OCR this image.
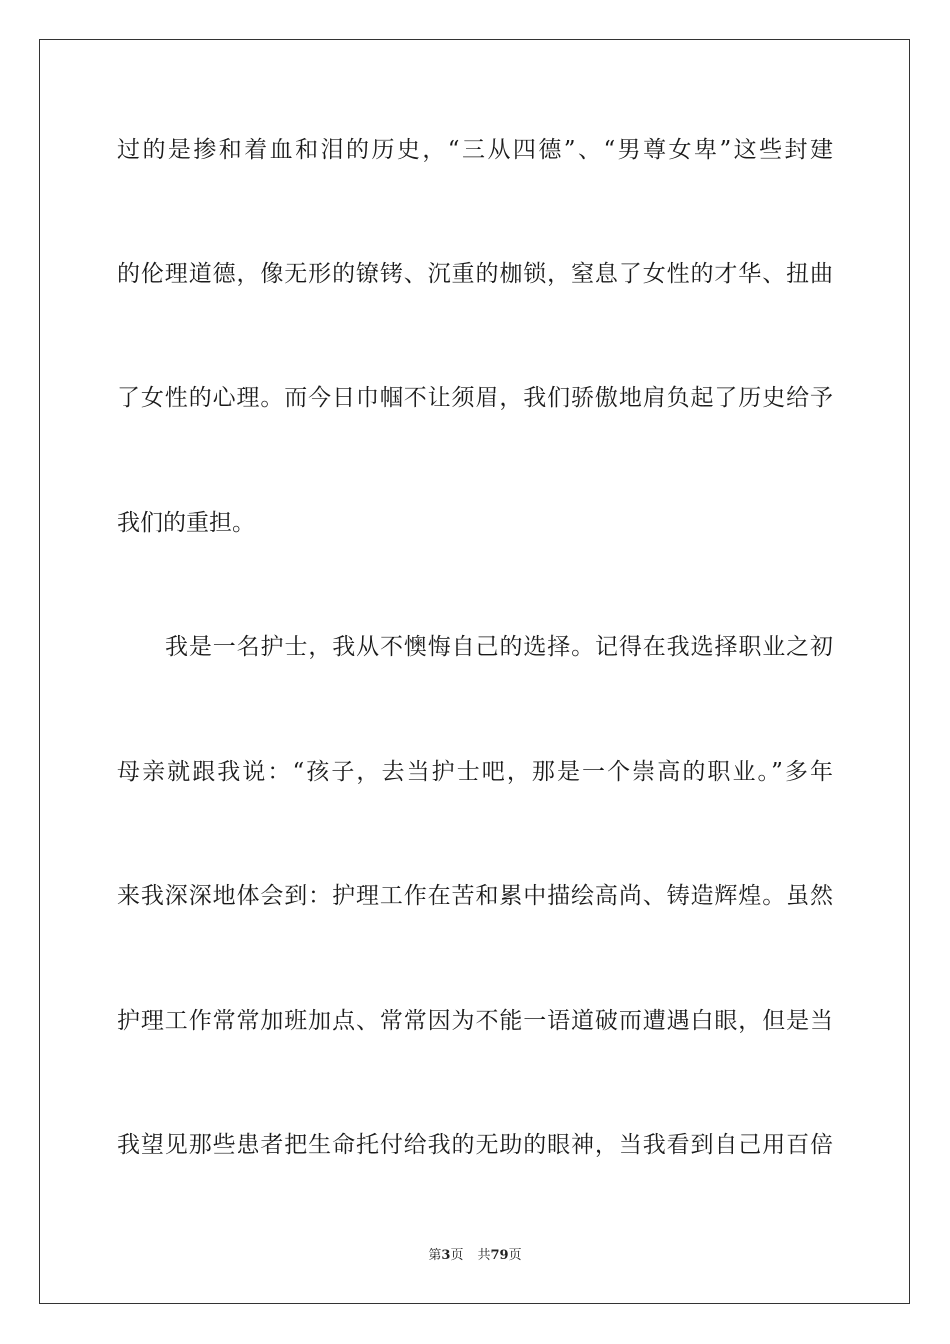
过的是掺和着血和泪的历史，“三从四德”、“男尊女卑”这些封建
的伦理道德，像无形的镣铐、沉重的枷锁，窒息了女性的才华、扭曲
了女性的心理。而今日巾帼不让须眉，我们骄傲地肩负起了历史给予
我们的重担。
我是一名护士，我从不懊悔自己的选择。记得在我选择职业之初
母亲就跟我说：“孩子，去当护士吧，那是一个崇高的职业。”多年
来我深深地体会到：护理工作在苦和累中描绘高尚、铸造辉煌。虽然
护理工作常常加班加点、常常因为不能一语道破而遭遇白眼，但是当
我望见那些患者把生命托付给我的无助的眼神，当我看到自己用百倍
第3页 共79页
